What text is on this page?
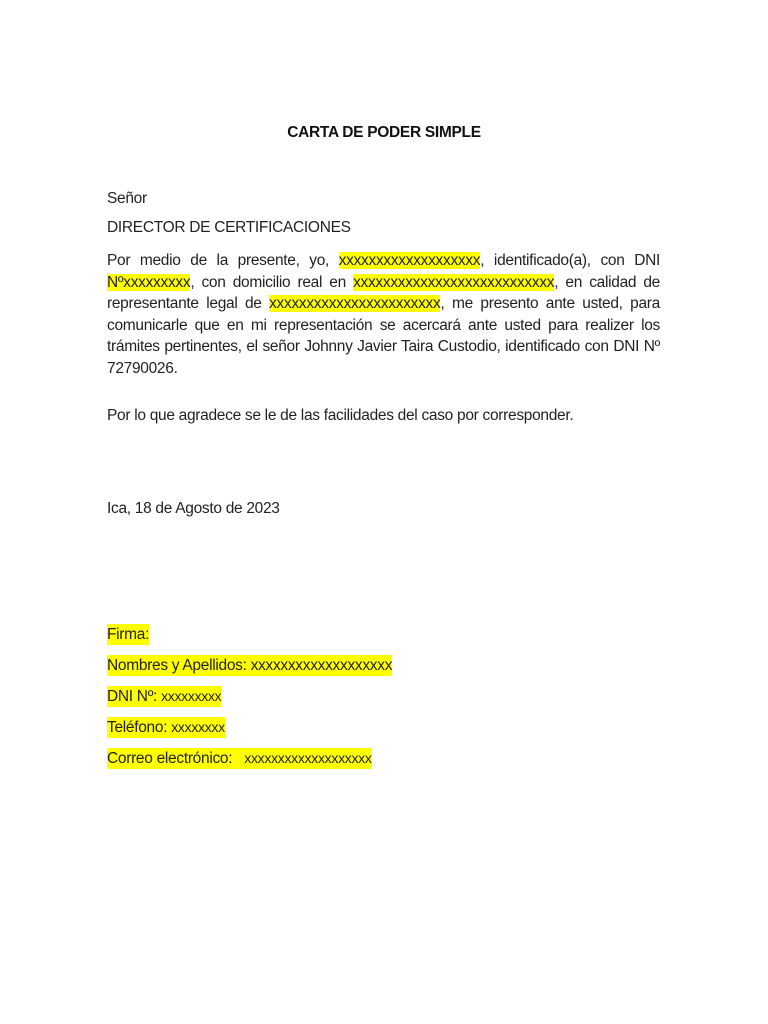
CARTA DE PODER SIMPLE
Señor
DIRECTOR DE CERTIFICACIONES
Por medio de la presente, yo, xxxxxxxxxxxxxxxxxxx, identificado(a), con DNI Nºxxxxxxxxx, con domicilio real en xxxxxxxxxxxxxxxxxxxxxxxxxxx, en calidad de representante legal de xxxxxxxxxxxxxxxxxxxxxxx, me presento ante usted, para comunicarle que en mi representación se acercará ante usted para realizer los trámites pertinentes, el señor Johnny Javier Taira Custodio, identificado con DNI Nº 72790026.
Por lo que agradece se le de las facilidades del caso por corresponder.
Ica, 18 de Agosto de 2023
Firma:
Nombres y Apellidos: xxxxxxxxxxxxxxxxxxx
DNI Nº: xxxxxxxxx
Teléfono: xxxxxxxx
Correo electrónico:   xxxxxxxxxxxxxxxxxxx
